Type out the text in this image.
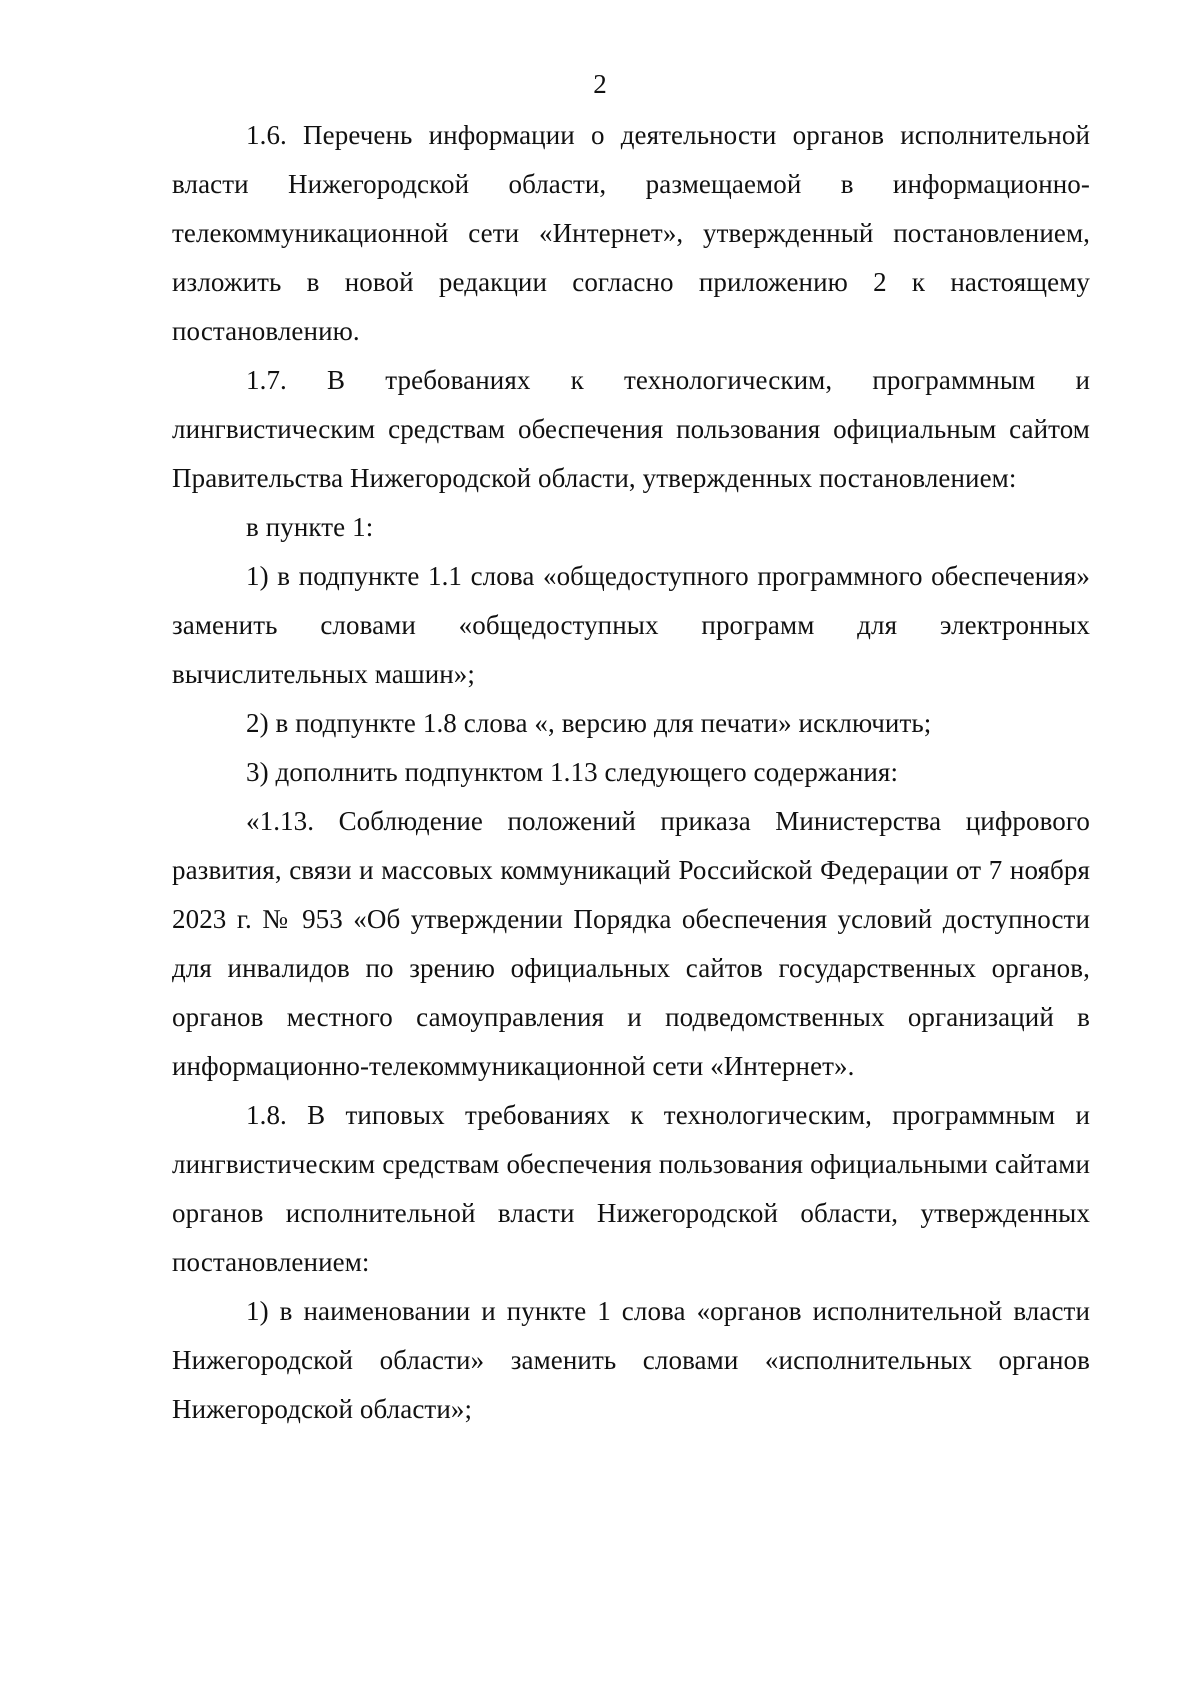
2

1.6. Перечень информации о деятельности органов исполнительной власти Нижегородской области, размещаемой в информационно-телекоммуникационной сети «Интернет», утвержденный постановлением, изложить в новой редакции согласно приложению 2 к настоящему постановлению.

1.7. В требованиях к технологическим, программным и лингвистическим средствам обеспечения пользования официальным сайтом Правительства Нижегородской области, утвержденных постановлением:

в пункте 1:

1) в подпункте 1.1 слова «общедоступного программного обеспечения» заменить словами «общедоступных программ для электронных вычислительных машин»;

2) в подпункте 1.8 слова «, версию для печати» исключить;

3) дополнить подпунктом 1.13 следующего содержания:

«1.13. Соблюдение положений приказа Министерства цифрового развития, связи и массовых коммуникаций Российской Федерации от 7 ноября 2023 г. № 953 «Об утверждении Порядка обеспечения условий доступности для инвалидов по зрению официальных сайтов государственных органов, органов местного самоуправления и подведомственных организаций в информационно-телекоммуникационной сети «Интернет».

1.8. В типовых требованиях к технологическим, программным и лингвистическим средствам обеспечения пользования официальными сайтами органов исполнительной власти Нижегородской области, утвержденных постановлением:

1) в наименовании и пункте 1 слова «органов исполнительной власти Нижегородской области» заменить словами «исполнительных органов Нижегородской области»;
